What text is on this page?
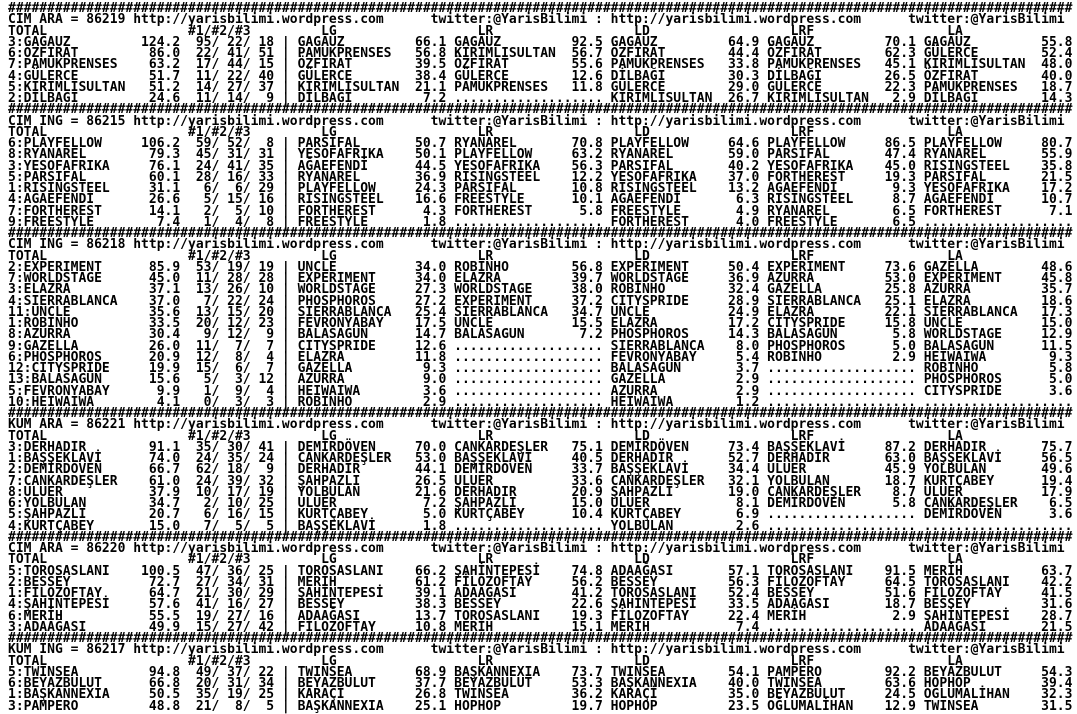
########################################################################################################################################
CIM ARA = 86219 http://yarisbilimi.wordpress.com      twitter:@YarisBilimi : http://yarisbilimi.wordpress.com      twitter:@YarisBilimi
TOTAL                  #1/#2/#3         LG                  LR                  LD                  LRF                 LA
3:GAGAUZ         124.2  95/ 22/ 18 | GAGAUZ         66.1 GAGAUZ         92.5 GAGAUZ         64.9 GAGAUZ         70.1 GAGAUZ         55.8
6:ÖZFIRAT         86.0  22/ 41/ 51 | PAMUKPRENSES   56.8 KIRIMLISULTAN  56.7 ÖZFIRAT        44.4 ÖZFIRAT        62.3 GÜLERCE        52.4
7:PAMUKPRENSES    63.2  17/ 44/ 15 | ÖZFIRAT        39.5 ÖZFIRAT        55.6 PAMUKPRENSES   33.8 PAMUKPRENSES   45.1 KIRIMLISULTAN  48.0
4:GÜLERCE         51.7  11/ 22/ 40 | GÜLERCE        38.4 GÜLERCE        12.6 DİLBAĞI        30.3 DİLBAĞI        26.5 ÖZFIRAT        40.0
5:KIRIMLISULTAN   51.2  14/ 27/ 37 | KIRIMLISULTAN  21.1 PAMUKPRENSES   11.8 GÜLERCE        29.0 GÜLERCE        22.3 PAMUKPRENSES   18.7
2:DİLBAĞI         24.6  11/ 14/  9 | DİLBAĞI         7.2 ................... KIRIMLISULTAN  26.7 KIRIMLISULTAN   2.9 DİLBAĞI        14.3
########################################################################################################################################
CIM ING = 86215 http://yarisbilimi.wordpress.com      twitter:@YarisBilimi : http://yarisbilimi.wordpress.com      twitter:@YarisBilimi
TOTAL                  #1/#2/#3         LG                  LR                  LD                  LRF                 LA
6:PLAYFELLOW     106.2  59/ 52/  8 | PARSIFAL       50.7 RYANAREL       70.8 PLAYFELLOW     64.6 PLAYFELLOW     86.5 PLAYFELLOW     80.7
8:RYANAREL        79.3  45/ 31/ 31 | YESOFAFRIKA    50.1 PLAYFELLOW     63.2 RYANAREL       59.0 PARSIFAL       47.4 RYANAREL       55.9
3:YESOFAFRIKA     76.1  24/ 41/ 35 | AĞAEFENDİ      44.5 YESOFAFRIKA    56.3 PARSIFAL       40.2 YESOFAFRIKA    45.0 RISINGSTEEL    35.8
5:PARSIFAL        60.1  28/ 16/ 33 | RYANAREL       36.9 RISINGSTEEL    12.2 YESOFAFRIKA    37.0 FORTHEREST     19.3 PARSIFAL       21.5
1:RISINGSTEEL     31.1   6/  6/ 29 | PLAYFELLOW     24.3 PARSIFAL       10.8 RISINGSTEEL    13.2 AĞAEFENDİ       9.3 YESOFAFRIKA    17.2
4:AĞAEFENDİ       26.6   5/ 15/ 16 | RISINGSTEEL    16.6 FREESTYLE      10.1 AĞAEFENDİ       6.3 RISINGSTEEL     8.7 AĞAEFENDİ      10.7
7:FORTHEREST      14.1   2/  5/ 10 | FORTHEREST      4.3 FORTHEREST      5.8 FREESTYLE       4.9 RYANAREL        6.5 FORTHEREST      7.1
9:FREESTYLE        7.4   1/  4/  8 | FREESTYLE       1.8 ................... FORTHEREST      4.0 FREESTYLE       6.5 ...................
########################################################################################################################################
CIM ING = 86218 http://yarisbilimi.wordpress.com      twitter:@YarisBilimi : http://yarisbilimi.wordpress.com      twitter:@YarisBilimi
TOTAL                  #1/#2/#3         LG                  LR                  LD                  LRF                 LA
2:EXPERIMENT      85.9  53/ 19/ 19 | UNCLE          34.0 ROBINHO        56.8 EXPERIMENT     50.4 EXPERIMENT     73.6 GAZELLA        48.6
7:WORLDSTAGE      45.0  11/ 28/ 28 | EXPERIMENT     34.0 ELAZRA         39.7 WORLDSTAGE     36.9 AZURRA         53.0 EXPERIMENT     45.8
3:ELAZRA          37.1  13/ 26/ 10 | WORLDSTAGE     27.3 WORLDSTAGE     38.0 ROBINHO        32.4 GAZELLA        25.8 AZURRA         35.7
4:SIERRABLANCA    37.0   7/ 22/ 24 | PHOSPHOROS     27.2 EXPERIMENT     37.2 CITYSPRIDE     28.9 SIERRABLANCA   25.1 ELAZRA         18.6
11:UNCLE          35.6  13/ 15/ 20 | SIERRABLANCA   25.4 SIERRABLANCA   34.7 UNCLE          24.9 ELAZRA         22.1 SIERRABLANCA   17.3
1:ROBINHO         33.5  20/ 12/ 23 | FEVRONYABAY    17.5 UNCLE          15.5 ELAZRA         17.2 CITYSPRIDE     15.8 UNCLE          15.0
8:AZURRA          30.4   9/ 12/  9 | BALASAGUN      14.7 BALASAGUN       7.2 PHOSPHOROS     14.3 BALASAGUN       5.8 WORLDSTAGE     12.9
9:GAZELLA         26.0  11/  7/  7 | CITYSPRIDE     12.6 ................... SIERRABLANCA    8.0 PHOSPHOROS      5.0 BALASAGUN      11.5
6:PHOSPHOROS      20.9  12/  8/  4 | ELAZRA         11.8 ................... FEVRONYABAY     5.4 ROBINHO         2.9 HEIWAIWA        9.3
12:CITYSPRIDE     19.9  15/  6/  7 | GAZELLA         9.3 ................... BALASAGUN       3.7 ................... ROBINHO         5.8
13:BALASAGUN      15.6   5/  3/ 12 | AZURRA          9.0 ................... GAZELLA         2.9 ................... PHOSPHOROS      5.0
5:FEVRONYABAY      9.9   1/  9/  4 | HEIWAIWA        3.6 ................... AZURRA          2.9 ................... CITYSPRIDE      3.6
10:HEIWAIWA        4.1   0/  3/  3 | ROBINHO         2.9 ................... HEIWAIWA        1.2 ................... ...................
########################################################################################################################################
KUM ARA = 86221 http://yarisbilimi.wordpress.com      twitter:@YarisBilimi : http://yarisbilimi.wordpress.com      twitter:@YarisBilimi
TOTAL                  #1/#2/#3         LG                  LR                  LD                  LRF                 LA
3:DERHADIR        91.1  35/ 30/ 41 | DEMİRDÖVEN     70.0 CANKARDEŞLER   75.1 DEMİRDÖVEN     73.4 BAŞŞEKLAVİ     87.2 DERHADIR       75.7
1:BAŞŞEKLAVİ      74.0  24/ 35/ 24 | CANKARDEŞLER   53.0 BAŞŞEKLAVİ     40.5 DERHADIR       52.7 DERHADIR       63.0 BAŞŞEKLAVİ     56.5
2:DEMİRDÖVEN      66.7  62/ 18/  9 | DERHADIR       44.1 DEMİRDÖVEN     33.7 BAŞŞEKLAVİ     34.4 ULUER          45.9 YOLBULAN       49.6
7:CANKARDEŞLER    61.0  24/ 39/ 32 | ŞAHPAZLI       26.5 ULUER          33.6 CANKARDEŞLER   32.1 YOLBULAN       18.7 KURTÇABEY      19.4
8:ULUER           37.9  10/ 17/ 19 | YOLBULAN       21.6 DERHADIR       20.9 ŞAHPAZLI       19.0 CANKARDEŞLER    8.7 ULUER          17.9
6:YOLBULAN        34.7   2/ 10/ 25 | ULUER           7.2 ŞAHPAZLI       15.0 ULUER           8.1 DEMİRDÖVEN      5.8 CANKARDEŞLER    6.5
5:ŞAHPAZLI        20.7   6/ 16/ 15 | KURTÇABEY       5.0 KURTÇABEY      10.4 KURTÇABEY       6.9 ................... DEMİRDÖVEN      3.6
4:KURTÇABEY       15.0   7/  5/  5 | BAŞŞEKLAVİ      1.8 ................... YOLBULAN        2.6 ................... ...................
########################################################################################################################################
CIM ARA = 86220 http://yarisbilimi.wordpress.com      twitter:@YarisBilimi : http://yarisbilimi.wordpress.com      twitter:@YarisBilimi
TOTAL                  #1/#2/#3         LG                  LR                  LD                  LRF                 LA
5:TOROSASLANI    100.5  47/ 36/ 25 | TOROSASLANI    66.2 ŞAHİNTEPESİ    74.8 ADAAĞASI       57.1 TOROSASLANI    91.5 MERİH          63.7
2:BESSEY          72.7  27/ 34/ 31 | MERİH          61.2 FİLOZOFTAY     56.2 BESSEY         56.3 FİLOZOFTAY     64.5 TOROSASLANI    42.2
1:FİLOZOFTAY      64.7  21/ 30/ 29 | ŞAHİNTEPESİ    39.1 ADAAĞASI       41.2 TOROSASLANI    52.4 BESSEY         51.6 FİLOZOFTAY     41.5
4:ŞAHİNTEPESİ     57.6  41/ 16/ 27 | BESSEY         38.3 BESSEY         22.6 ŞAHİNTEPESİ    33.5 ADAAĞASI       18.7 BESSEY         31.6
6:MERİH           55.5  19/ 27/ 16 | ADAAĞASI       13.7 TOROSASLANI    19.3 FİLOZOFTAY     22.4 MERİH           2.9 ŞAHİNTEPESİ    28.7
3:ADAAĞASI        49.9  15/ 27/ 42 | FİLOZOFTAY     10.8 MERİH          15.1 MERİH           7.4 ................... ADAAĞASI       21.5
########################################################################################################################################
KUM ING = 86217 http://yarisbilimi.wordpress.com      twitter:@YarisBilimi : http://yarisbilimi.wordpress.com      twitter:@YarisBilimi
TOTAL                  #1/#2/#3         LG                  LR                  LD                  LRF                 LA
5:TWINSEA         94.8  49/ 37/ 22 | TWINSEA        68.9 BAŞKANNEXIA    73.7 TWINSEA        54.1 PAMPERO        92.2 BEYAZBULUT     54.3
6:BEYAZBULUT      66.8  20/ 31/ 34 | BEYAZBULUT     37.7 BEYAZBULUT     53.3 BAŞKANNEXIA    40.0 TWINSEA        63.6 HOPHOP         39.4
1:BAŞKANNEXIA     50.5  35/ 19/ 25 | KARAÇİ         26.8 TWINSEA        36.2 KARAÇİ         35.0 BEYAZBULUT     24.5 OĞLUMALİHAN    32.3
3:PAMPERO         48.8  21/  8/  5 | BAŞKANNEXIA    25.1 HOPHOP         19.7 HOPHOP         23.5 OĞLUMALİHAN    12.9 TWINSEA        31.5
